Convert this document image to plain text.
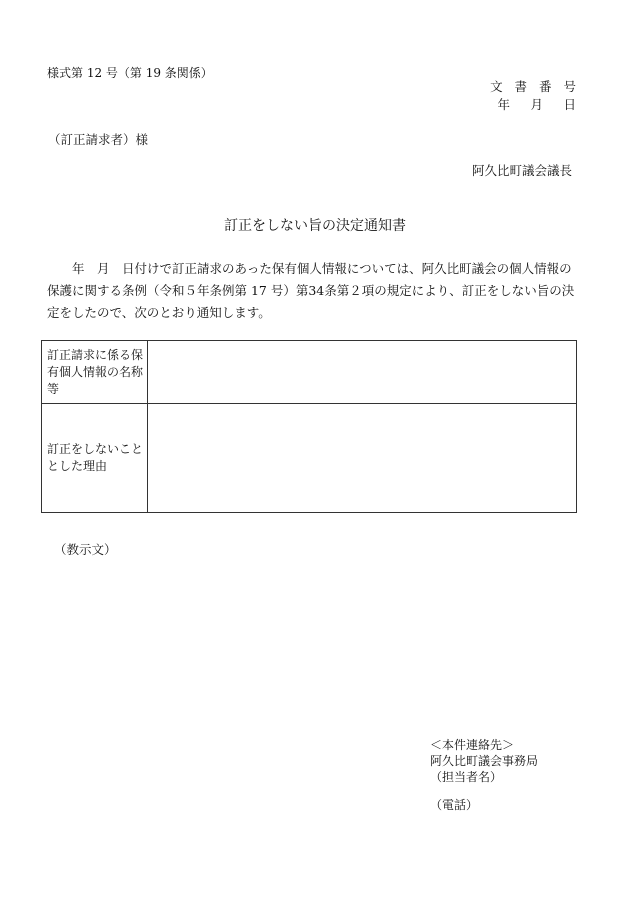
様式第 12 号（第 19 条関係）
文 書 番 号
年　月　日
（訂正請求者）様
阿久比町議会議長
訂正をしない旨の決定通知書
年　月　日付けで訂正請求のあった保有個人情報については、阿久比町議会の個人情報の保護に関する条例（令和５年条例第 17 号）第34条第２項の規定により、訂正をしない旨の決定をしたので、次のとおり通知します。
訂正請求に係る保有個人情報の名称等	
訂正をしないこととした理由	
（教示文）
＜本件連絡先＞
阿久比町議会事務局
（担当者名）
（電話）
